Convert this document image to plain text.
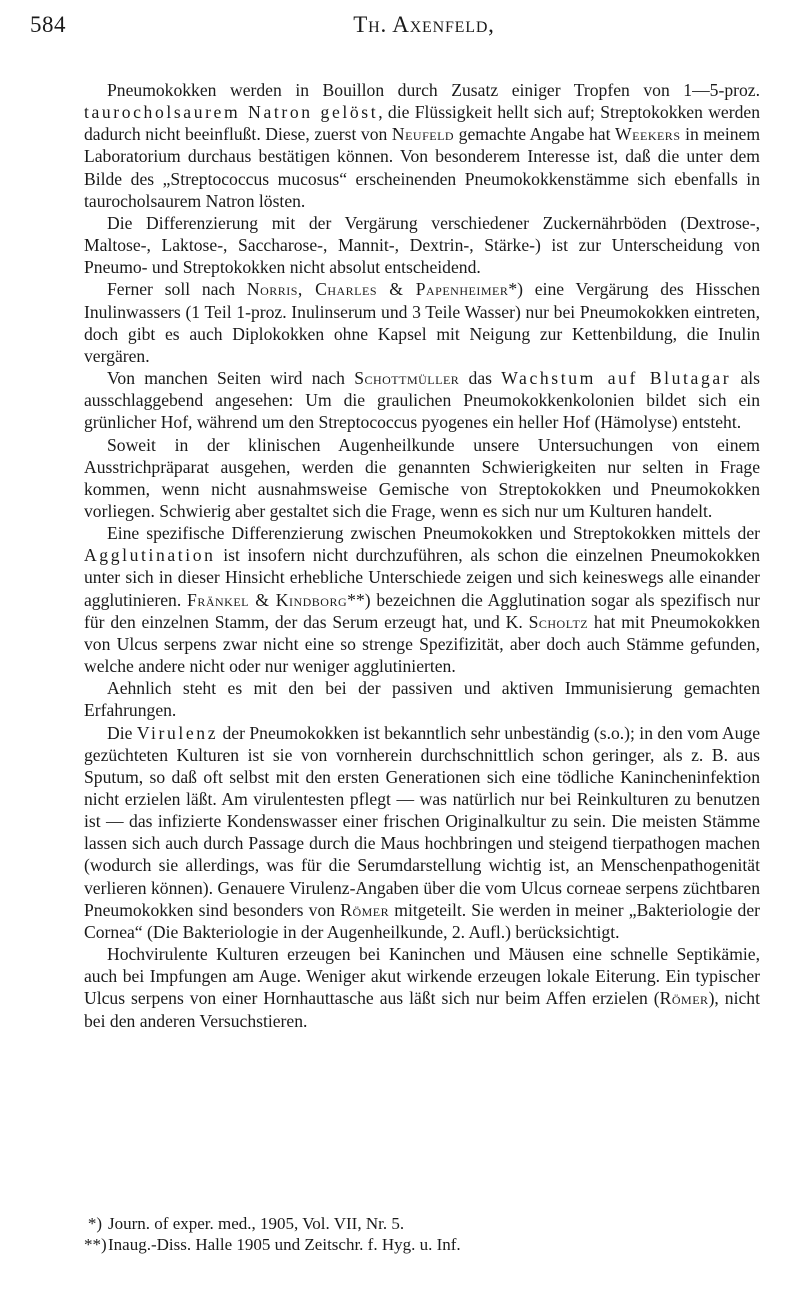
584	Th. Axenfeld,

Pneumokokken werden in Bouillon durch Zusatz einiger Tropfen von 1—5-proz. taurocholsaurem Natron gelöst, die Flüssigkeit hellt sich auf; Streptokokken werden dadurch nicht beeinflußt. Diese, zuerst von Neufeld gemachte Angabe hat Weekers in meinem Laboratorium durchaus bestätigen können. Von besonderem Interesse ist, daß die unter dem Bilde des „Streptococcus mucosus“ erscheinenden Pneumokokkenstämme sich ebenfalls in taurocholsaurem Natron lösten.

Die Differenzierung mit der Vergärung verschiedener Zuckernährböden (Dextrose-, Maltose-, Laktose-, Saccharose-, Mannit-, Dextrin-, Stärke-) ist zur Unterscheidung von Pneumo- und Streptokokken nicht absolut entscheidend.

Ferner soll nach Norris, Charles & Papenheimer*) eine Vergärung des Hisschen Inulinwassers (1 Teil 1-proz. Inulinserum und 3 Teile Wasser) nur bei Pneumokokken eintreten, doch gibt es auch Diplokokken ohne Kapsel mit Neigung zur Kettenbildung, die Inulin vergären.

Von manchen Seiten wird nach Schottmüller das Wachstum auf Blutagar als ausschlaggebend angesehen: Um die graulichen Pneumokokkenkolonien bildet sich ein grünlicher Hof, während um den Streptococcus pyogenes ein heller Hof (Hämolyse) entsteht.

Soweit in der klinischen Augenheilkunde unsere Untersuchungen von einem Ausstrichpräparat ausgehen, werden die genannten Schwierigkeiten nur selten in Frage kommen, wenn nicht ausnahmsweise Gemische von Streptokokken und Pneumokokken vorliegen. Schwierig aber gestaltet sich die Frage, wenn es sich nur um Kulturen handelt.

Eine spezifische Differenzierung zwischen Pneumokokken und Streptokokken mittels der Agglutination ist insofern nicht durchzuführen, als schon die einzelnen Pneumokokken unter sich in dieser Hinsicht erhebliche Unterschiede zeigen und sich keineswegs alle einander agglutinieren. Fränkel & Kindborg**) bezeichnen die Agglutination sogar als spezifisch nur für den einzelnen Stamm, der das Serum erzeugt hat, und K. Scholtz hat mit Pneumokokken von Ulcus serpens zwar nicht eine so strenge Spezifizität, aber doch auch Stämme gefunden, welche andere nicht oder nur weniger agglutinierten.

Aehnlich steht es mit den bei der passiven und aktiven Immunisierung gemachten Erfahrungen.

Die Virulenz der Pneumokokken ist bekanntlich sehr unbeständig (s.o.); in den vom Auge gezüchteten Kulturen ist sie von vornherein durchschnittlich schon geringer, als z. B. aus Sputum, so daß oft selbst mit den ersten Generationen sich eine tödliche Kanincheninfektion nicht erzielen läßt. Am virulentesten pflegt — was natürlich nur bei Reinkulturen zu benutzen ist — das infizierte Kondenswasser einer frischen Originalkultur zu sein. Die meisten Stämme lassen sich auch durch Passage durch die Maus hochbringen und steigend tierpathogen machen (wodurch sie allerdings, was für die Serumdarstellung wichtig ist, an Menschenpathogenität verlieren können). Genauere Virulenz-Angaben über die vom Ulcus corneae serpens züchtbaren Pneumokokken sind besonders von Römer mitgeteilt. Sie werden in meiner „Bakteriologie der Cornea“ (Die Bakteriologie in der Augenheilkunde, 2. Aufl.) berücksichtigt.

Hochvirulente Kulturen erzeugen bei Kaninchen und Mäusen eine schnelle Septikämie, auch bei Impfungen am Auge. Weniger akut wirkende erzeugen lokale Eiterung. Ein typischer Ulcus serpens von einer Hornhauttasche aus läßt sich nur beim Affen erzielen (Römer), nicht bei den anderen Versuchstieren.

*) Journ. of exper. med., 1905, Vol. VII, Nr. 5.

**)Inaug.-Diss. Halle 1905 und Zeitschr. f. Hyg. u. Inf.
